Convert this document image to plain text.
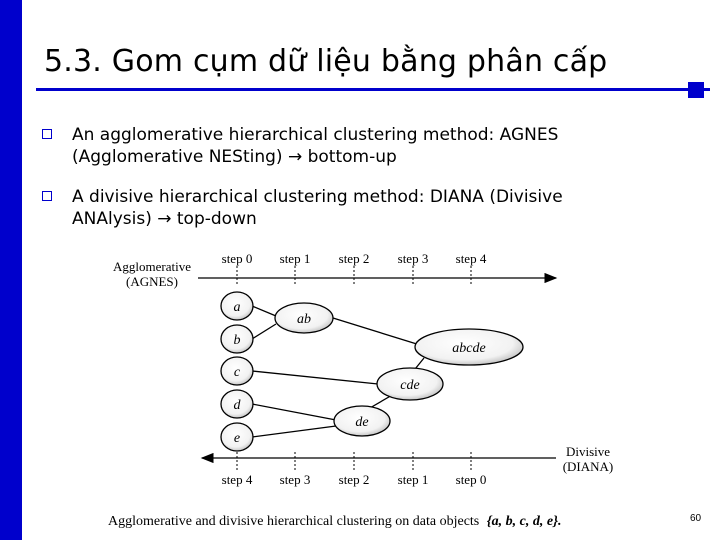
5.3. Gom cụm dữ liệu bằng phân cấp
An agglomerative hierarchical clustering method: AGNES
(Agglomerative NESting) → bottom-up
A divisive hierarchical clustering method: DIANA (Divisive
ANAlysis) → top-down
Agglomerative
(AGNES)
step 0 step 1 step 2 step 3 step 4
step 4 step 3 step 2 step 1 step 0
Divisive
(DIANA)
a
b
c
d
e
ab
de
cde
abcde
Agglomerative and divisive hierarchical clustering on data objects {a, b, c, d, e}.	60
